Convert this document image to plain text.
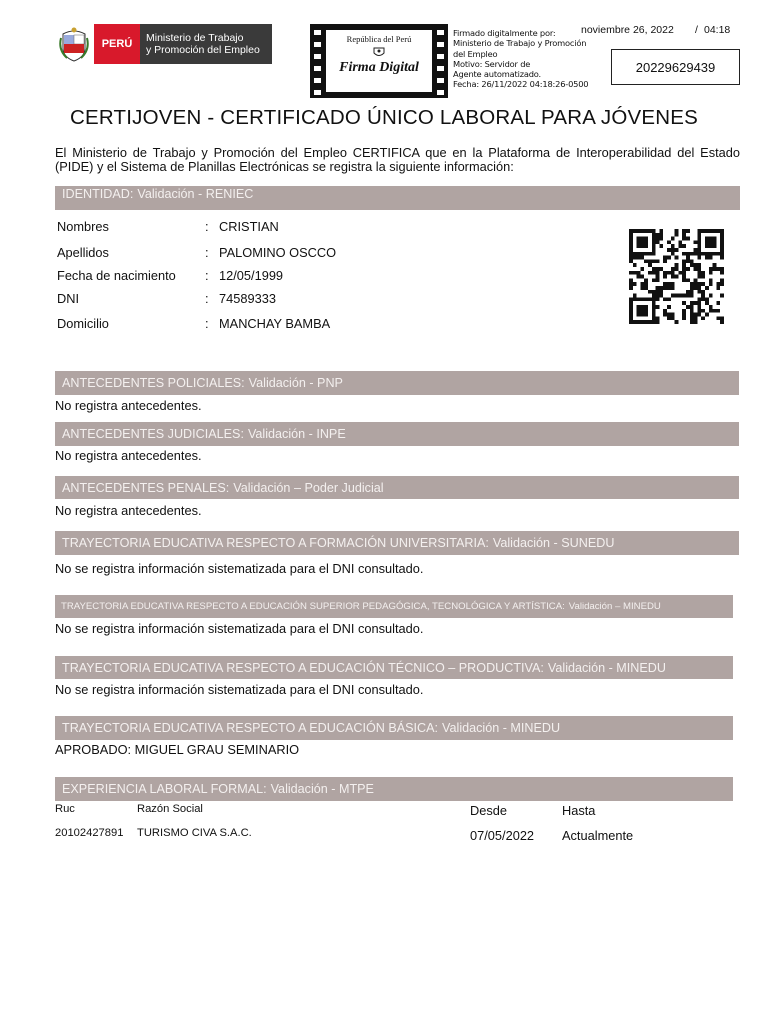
PERÚ Ministerio de Trabajo
y Promoción del Empleo
República del Perú
Firma Digital
Firmado digitalmente por:
Ministerio de Trabajo y Promoción
del Empleo
Motivo: Servidor de
Agente automatizado.
Fecha: 26/11/2022 04:18:26-0500
noviembre 26, 2022 / 04:18
20229629439
CERTIJOVEN - CERTIFICADO ÚNICO LABORAL PARA JÓVENES
El Ministerio de Trabajo y Promoción del Empleo CERTIFICA que en la Plataforma de Interoperabilidad del Estado (PIDE) y el Sistema de Planillas Electrónicas se registra la siguiente información:
IDENTIDAD: Validación - RENIEC
Nombres	: CRISTIAN
Apellidos	: PALOMINO OSCCO
Fecha de nacimiento : 12/05/1999
DNI	: 74589333
Domicilio	: MANCHAY BAMBA
ANTECEDENTES POLICIALES: Validación - PNP
No registra antecedentes.
ANTECEDENTES JUDICIALES: Validación - INPE
No registra antecedentes.
ANTECEDENTES PENALES: Validación – Poder Judicial
No registra antecedentes.
TRAYECTORIA EDUCATIVA RESPECTO A FORMACIÓN UNIVERSITARIA: Validación - SUNEDU
No se registra información sistematizada para el DNI consultado.
TRAYECTORIA EDUCATIVA RESPECTO A EDUCACIÓN SUPERIOR PEDAGÓGICA, TECNOLÓGICA Y ARTÍSTICA: Validación – MINEDU
No se registra información sistematizada para el DNI consultado.
TRAYECTORIA EDUCATIVA RESPECTO A EDUCACIÓN TÉCNICO – PRODUCTIVA: Validación - MINEDU
No se registra información sistematizada para el DNI consultado.
TRAYECTORIA EDUCATIVA RESPECTO A EDUCACIÓN BÁSICA: Validación - MINEDU
APROBADO: MIGUEL GRAU SEMINARIO
EXPERIENCIA LABORAL FORMAL: Validación - MTPE
Ruc	Razón Social	Desde	Hasta
20102427891 TURISMO CIVA S.A.C.	07/05/2022 Actualmente
